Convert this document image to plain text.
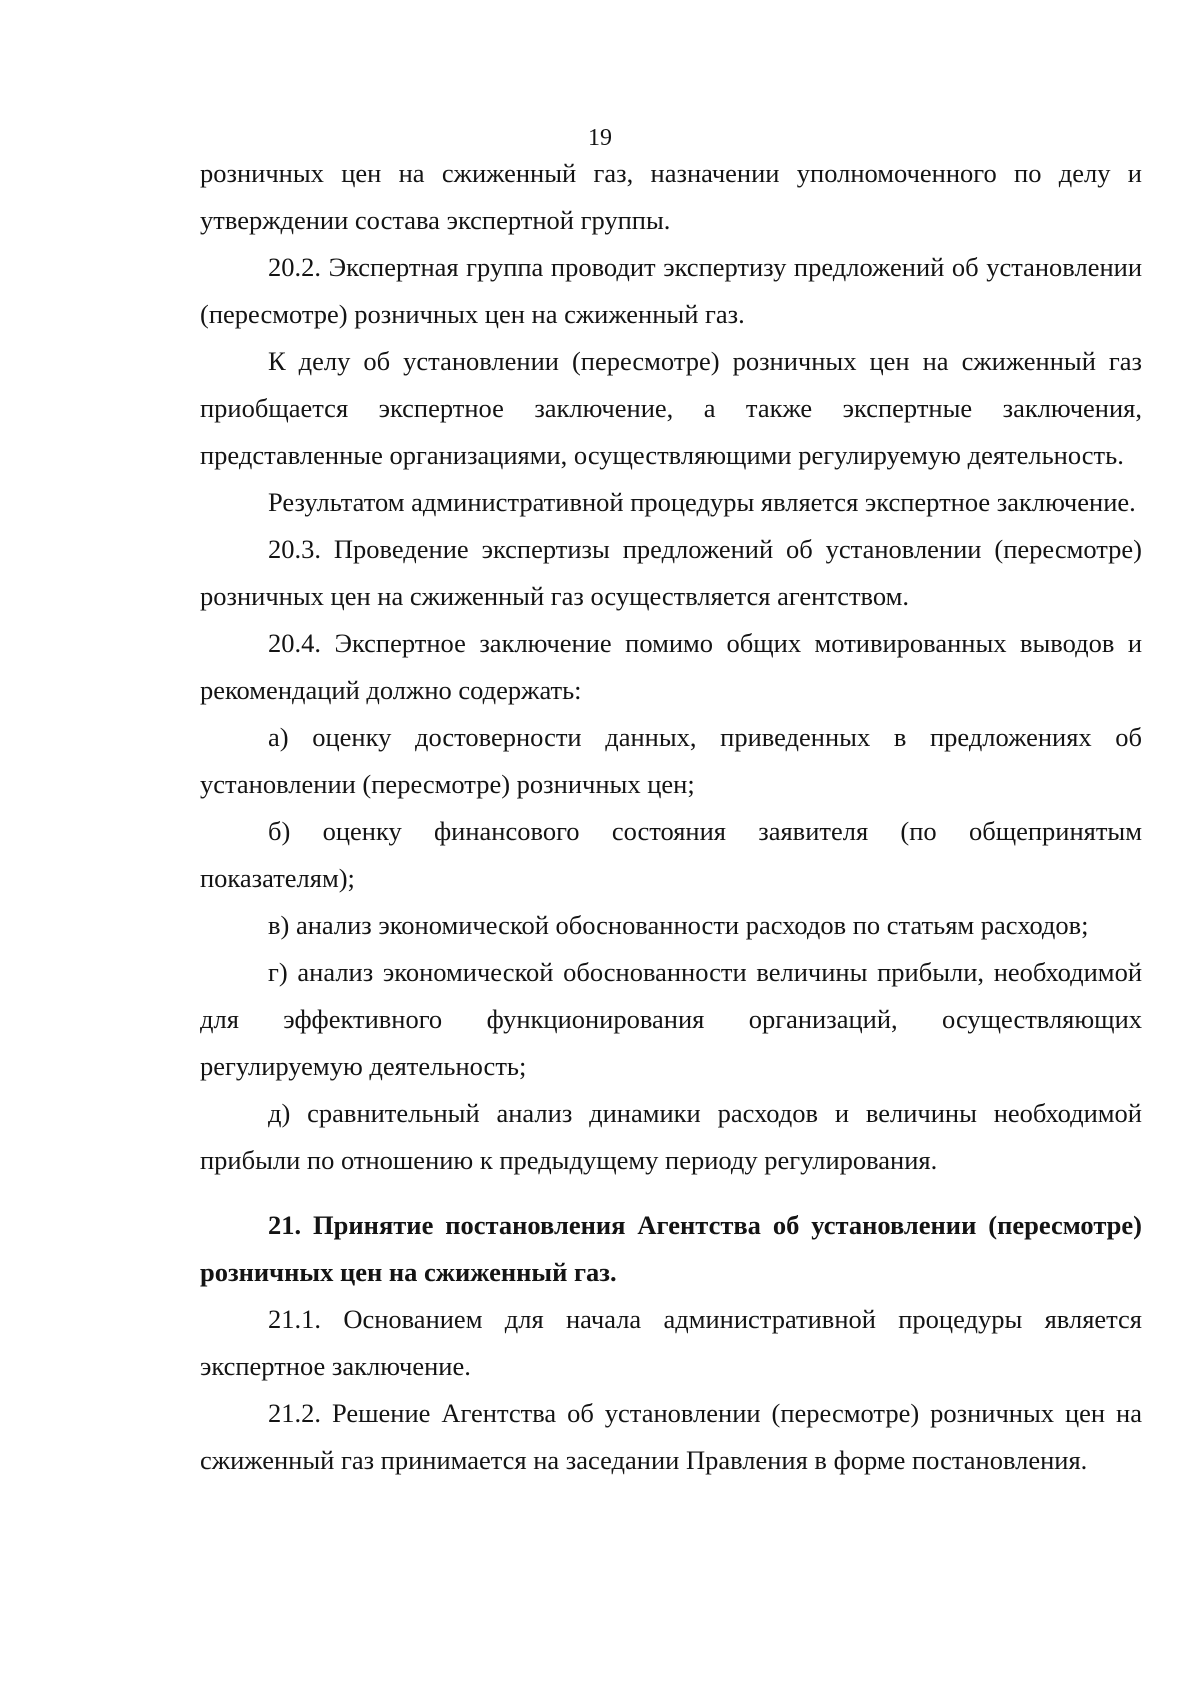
19

розничных цен на сжиженный газ, назначении уполномоченного по делу и утверждении состава экспертной группы.

20.2. Экспертная группа проводит экспертизу предложений об установлении (пересмотре) розничных цен на сжиженный газ.

К делу об установлении (пересмотре) розничных цен на сжиженный газ приобщается экспертное заключение, а также экспертные заключения, представленные организациями, осуществляющими регулируемую деятельность.

Результатом административной процедуры является экспертное заключение.

20.3. Проведение экспертизы предложений об установлении (пересмотре) розничных цен на сжиженный газ осуществляется агентством.

20.4. Экспертное заключение помимо общих мотивированных выводов и рекомендаций должно содержать:

а) оценку достоверности данных, приведенных в предложениях об установлении (пересмотре) розничных цен;

б) оценку финансового состояния заявителя (по общепринятым показателям);

в) анализ экономической обоснованности расходов по статьям расходов;

г) анализ экономической обоснованности величины прибыли, необходимой для эффективного функционирования организаций, осуществляющих регулируемую деятельность;

д) сравнительный анализ динамики расходов и величины необходимой прибыли по отношению к предыдущему периоду регулирования.

21. Принятие постановления Агентства об установлении (пересмотре) розничных цен на сжиженный газ.

21.1. Основанием для начала административной процедуры является экспертное заключение.

21.2. Решение Агентства об установлении (пересмотре) розничных цен на сжиженный газ принимается на заседании Правления в форме постановления.
